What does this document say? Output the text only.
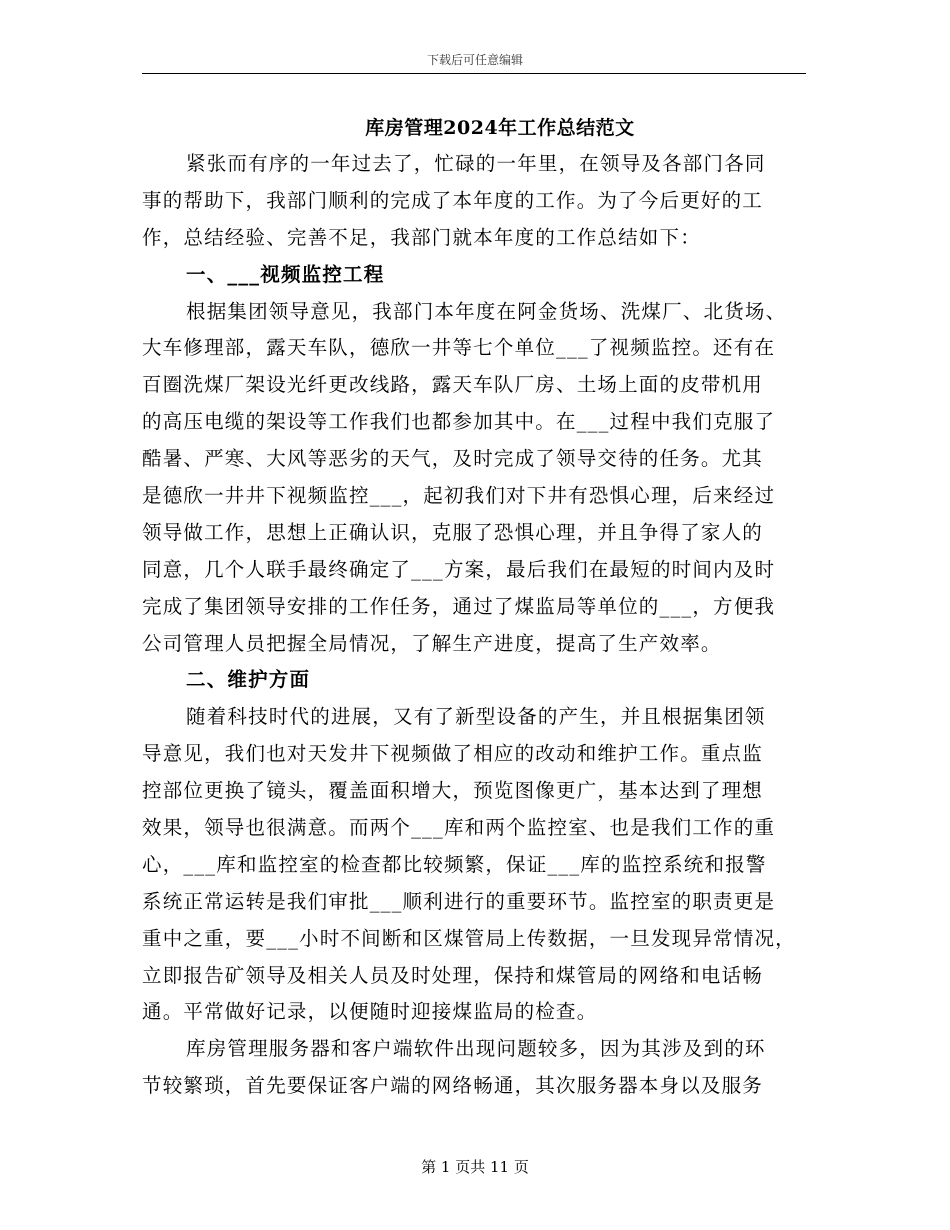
下载后可任意编辑
库房管理2024年工作总结范文
紧张而有序的一年过去了，忙碌的一年里，在领导及各部门各同
事的帮助下，我部门顺利的完成了本年度的工作。为了今后更好的工
作，总结经验、完善不足，我部门就本年度的工作总结如下：
一、___视频监控工程
根据集团领导意见，我部门本年度在阿金货场、洗煤厂、北货场、
大车修理部，露天车队，德欣一井等七个单位___了视频监控。还有在
百圈洗煤厂架设光纤更改线路，露天车队厂房、土场上面的皮带机用
的高压电缆的架设等工作我们也都参加其中。在___过程中我们克服了
酷暑、严寒、大风等恶劣的天气，及时完成了领导交待的任务。尤其
是德欣一井井下视频监控___，起初我们对下井有恐惧心理，后来经过
领导做工作，思想上正确认识，克服了恐惧心理，并且争得了家人的
同意，几个人联手最终确定了___方案，最后我们在最短的时间内及时
完成了集团领导安排的工作任务，通过了煤监局等单位的___，方便我
公司管理人员把握全局情况，了解生产进度，提高了生产效率。
二、维护方面
随着科技时代的进展，又有了新型设备的产生，并且根据集团领
导意见，我们也对天发井下视频做了相应的改动和维护工作。重点监
控部位更换了镜头，覆盖面积增大，预览图像更广，基本达到了理想
效果，领导也很满意。而两个___库和两个监控室、也是我们工作的重
心，___库和监控室的检查都比较频繁，保证___库的监控系统和报警
系统正常运转是我们审批___顺利进行的重要环节。监控室的职责更是
重中之重，要___小时不间断和区煤管局上传数据，一旦发现异常情况，
立即报告矿领导及相关人员及时处理，保持和煤管局的网络和电话畅
通。平常做好记录，以便随时迎接煤监局的检查。
库房管理服务器和客户端软件出现问题较多，因为其涉及到的环
节较繁琐，首先要保证客户端的网络畅通，其次服务器本身以及服务
第 1 页共 11 页
